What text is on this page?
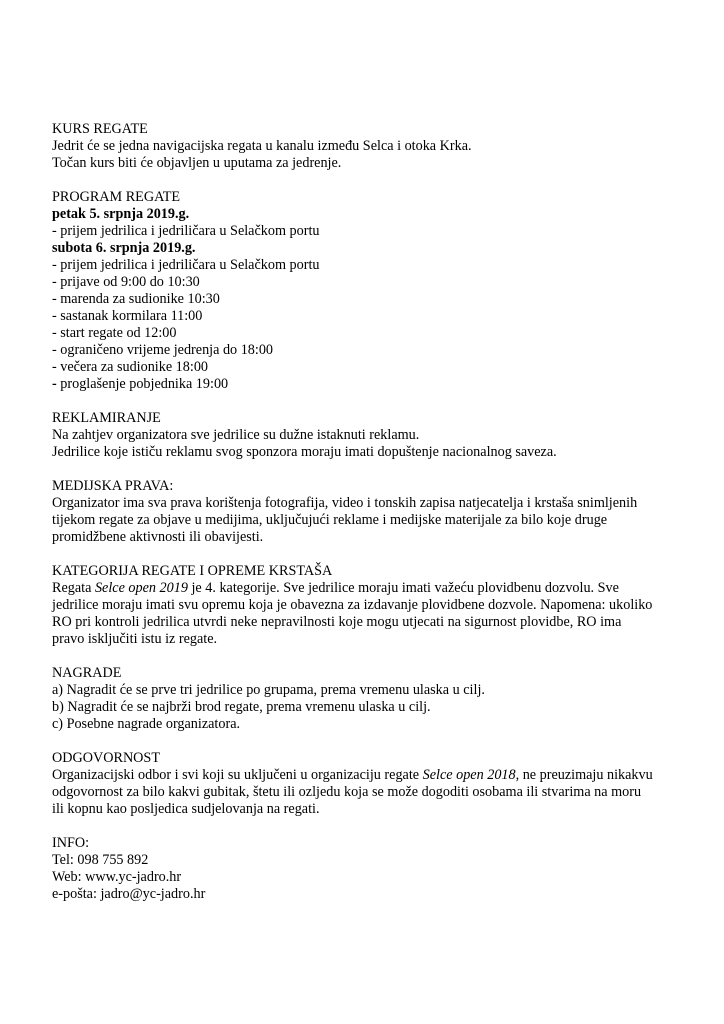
KURS REGATE
Jedrit će se jedna navigacijska regata u kanalu između Selca i otoka Krka.
Točan kurs biti će objavljen u uputama za jedrenje.
PROGRAM REGATE
petak 5. srpnja 2019.g.
- prijem jedrilica i jedriličara u Selačkom portu
subota 6. srpnja 2019.g.
- prijem jedrilica i jedriličara u Selačkom portu
- prijave od 9:00 do 10:30
- marenda za sudionike 10:30
- sastanak kormilara 11:00
- start regate od 12:00
- ograničeno vrijeme jedrenja do 18:00
- večera za sudionike 18:00
- proglašenje pobjednika 19:00
REKLAMIRANJE
Na zahtjev organizatora sve jedrilice su dužne istaknuti reklamu.
Jedrilice koje ističu reklamu svog sponzora moraju imati dopuštenje nacionalnog saveza.
MEDIJSKA PRAVA:
Organizator ima sva prava korištenja fotografija, video i tonskih zapisa natjecatelja i krstaša snimljenih
tijekom regate za objave u medijima, uključujući reklame i medijske materijale za bilo koje druge
promidžbene aktivnosti ili obavijesti.
KATEGORIJA REGATE I OPREME KRSTAŠA
Regata Selce open 2019 je 4. kategorije. Sve jedrilice moraju imati važeću plovidbenu dozvolu. Sve
jedrilice moraju imati svu opremu koja je obavezna za izdavanje plovidbene dozvole. Napomena: ukoliko
RO pri kontroli jedrilica utvrdi neke nepravilnosti koje mogu utjecati na sigurnost plovidbe, RO ima
pravo isključiti istu iz regate.
NAGRADE
a) Nagradit će se prve tri jedrilice po grupama, prema vremenu ulaska u cilj.
b) Nagradit će se najbrži brod regate, prema vremenu ulaska u cilj.
c) Posebne nagrade organizatora.
ODGOVORNOST
Organizacijski odbor i svi koji su uključeni u organizaciju regate Selce open 2018, ne preuzimaju nikakvu
odgovornost za bilo kakvi gubitak, štetu ili ozljedu koja se može dogoditi osobama ili stvarima na moru
ili kopnu kao posljedica sudjelovanja na regati.
INFO:
Tel: 098 755 892
Web: www.yc-jadro.hr
e-pošta: jadro@yc-jadro.hr
